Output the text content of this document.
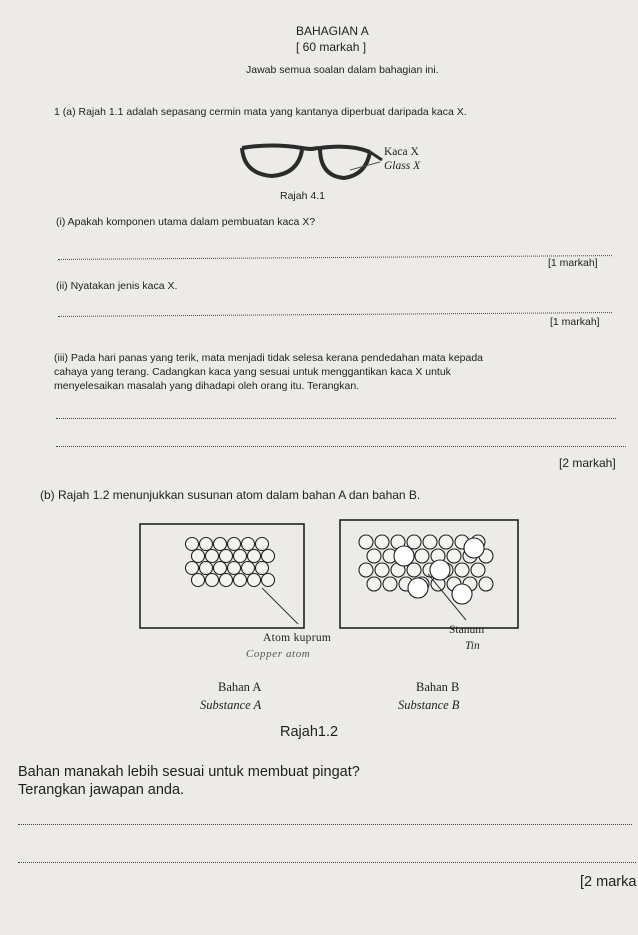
BAHAGIAN A
[ 60 markah ]
Jawab semua soalan dalam bahagian ini.
1 (a) Rajah 1.1 adalah sepasang cermin mata yang kantanya diperbuat daripada kaca X.
Kaca X
Glass X
Rajah 4.1
(i) Apakah komponen utama dalam pembuatan kaca X?
[1 markah]
(ii) Nyatakan jenis kaca X.
[1 markah]
(iii) Pada hari panas yang terik, mata menjadi tidak selesa kerana pendedahan mata kepada
cahaya yang terang. Cadangkan kaca yang sesuai untuk menggantikan kaca X untuk
menyelesaikan masalah yang dihadapi oleh orang itu. Terangkan.
[2 markah]
(b) Rajah 1.2 menunjukkan susunan atom dalam bahan A dan bahan B.
Atom kuprum
Copper atom
Stanum
Tin
Bahan A
Substance A
Bahan B
Substance B
Rajah1.2
Bahan manakah lebih sesuai untuk membuat pingat?
Terangkan jawapan anda.
[2 marka
